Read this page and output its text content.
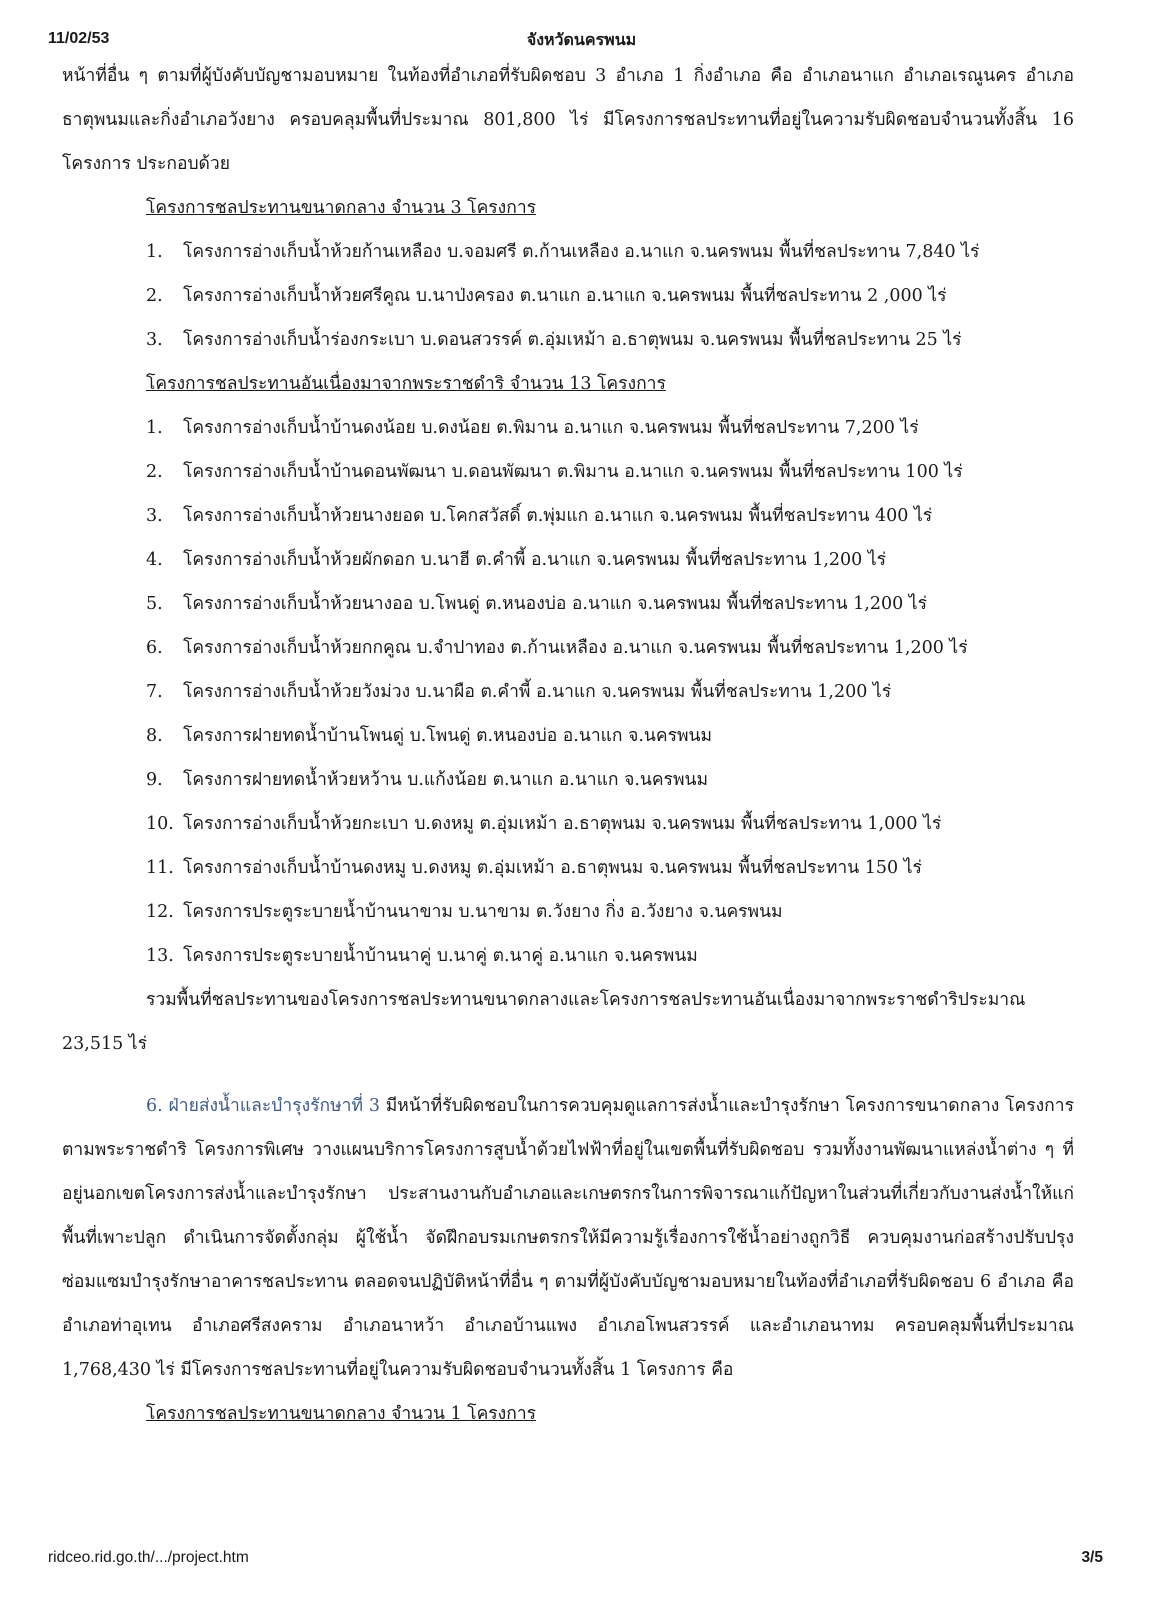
11/02/53	จังหวัดนครพนม

หน้าที่อื่น ๆ ตามที่ผู้บังคับบัญชามอบหมาย ในท้องที่อำเภอที่รับผิดชอบ 3 อำเภอ 1 กิ่งอำเภอ คือ อำเภอนาแก อำเภอเรณูนคร อำเภอธาตุพนมและกิ่งอำเภอวังยาง ครอบคลุมพื้นที่ประมาณ 801,800 ไร่ มีโครงการชลประทานที่อยู่ในความรับผิดชอบจำนวนทั้งสิ้น 16 โครงการ ประกอบด้วย

โครงการชลประทานขนาดกลาง จำนวน 3 โครงการ

1. โครงการอ่างเก็บน้ำห้วยก้านเหลือง บ.จอมศรี ต.ก้านเหลือง อ.นาแก จ.นครพนม พื้นที่ชลประทาน 7,840 ไร่
2. โครงการอ่างเก็บน้ำห้วยศรีคูณ บ.นาป่งครอง ต.นาแก อ.นาแก จ.นครพนม พื้นที่ชลประทาน 2 ,000 ไร่
3. โครงการอ่างเก็บน้ำร่องกระเบา บ.ดอนสวรรค์ ต.อุ่มเหม้า อ.ธาตุพนม จ.นครพนม พื้นที่ชลประทาน 25 ไร่

โครงการชลประทานอันเนื่องมาจากพระราชดำริ จำนวน 13 โครงการ

1. โครงการอ่างเก็บน้ำบ้านดงน้อย บ.ดงน้อย ต.พิมาน อ.นาแก จ.นครพนม พื้นที่ชลประทาน 7,200 ไร่
2. โครงการอ่างเก็บน้ำบ้านดอนพัฒนา บ.ดอนพัฒนา ต.พิมาน อ.นาแก จ.นครพนม พื้นที่ชลประทาน 100 ไร่
3. โครงการอ่างเก็บน้ำห้วยนางยอด บ.โคกสวัสดิ์ ต.พุ่มแก อ.นาแก จ.นครพนม พื้นที่ชลประทาน 400 ไร่
4. โครงการอ่างเก็บน้ำห้วยผักดอก บ.นาฮี ต.คำพี้ อ.นาแก จ.นครพนม พื้นที่ชลประทาน 1,200 ไร่
5. โครงการอ่างเก็บน้ำห้วยนางออ บ.โพนดู่ ต.หนองบ่อ อ.นาแก จ.นครพนม พื้นที่ชลประทาน 1,200 ไร่
6. โครงการอ่างเก็บน้ำห้วยกกคูณ บ.จำปาทอง ต.ก้านเหลือง อ.นาแก จ.นครพนม พื้นที่ชลประทาน 1,200 ไร่
7. โครงการอ่างเก็บน้ำห้วยวังม่วง บ.นาผือ ต.คำพี้ อ.นาแก จ.นครพนม พื้นที่ชลประทาน 1,200 ไร่
8. โครงการฝายทดน้ำบ้านโพนดู่ บ.โพนดู่ ต.หนองบ่อ อ.นาแก จ.นครพนม
9. โครงการฝายทดน้ำห้วยหว้าน บ.แก้งน้อย ต.นาแก อ.นาแก จ.นครพนม
10. โครงการอ่างเก็บน้ำห้วยกะเบา บ.ดงหมู ต.อุ่มเหม้า อ.ธาตุพนม จ.นครพนม พื้นที่ชลประทาน 1,000 ไร่
11. โครงการอ่างเก็บน้ำบ้านดงหมู บ.ดงหมู ต.อุ่มเหม้า อ.ธาตุพนม จ.นครพนม พื้นที่ชลประทาน 150 ไร่
12. โครงการประตูระบายน้ำบ้านนาขาม บ.นาขาม ต.วังยาง กิ่ง อ.วังยาง จ.นครพนม
13. โครงการประตูระบายน้ำบ้านนาคู่ บ.นาคู่ ต.นาคู่ อ.นาแก จ.นครพนม

รวมพื้นที่ชลประทานของโครงการชลประทานขนาดกลางและโครงการชลประทานอันเนื่องมาจากพระราชดำริประมาณ 23,515 ไร่

6. ฝ่ายส่งน้ำและบำรุงรักษาที่ 3 มีหน้าที่รับผิดชอบในการควบคุมดูแลการส่งน้ำและบำรุงรักษา โครงการขนาดกลาง โครงการตามพระราชดำริ โครงการพิเศษ วางแผนบริการโครงการสูบน้ำด้วยไฟฟ้าที่อยู่ในเขตพื้นที่รับผิดชอบ รวมทั้งงานพัฒนาแหล่งน้ำต่าง ๆ ที่อยู่นอกเขตโครงการส่งน้ำและบำรุงรักษา ประสานงานกับอำเภอและเกษตรกรในการพิจารณาแก้ปัญหาในส่วนที่เกี่ยวกับงานส่งน้ำให้แก่พื้นที่เพาะปลูก ดำเนินการจัดตั้งกลุ่ม ผู้ใช้น้ำ จัดฝึกอบรมเกษตรกรให้มีความรู้เรื่องการใช้น้ำอย่างถูกวิธี ควบคุมงานก่อสร้างปรับปรุงซ่อมแซมบำรุงรักษาอาคารชลประทาน ตลอดจนปฏิบัติหน้าที่อื่น ๆ ตามที่ผู้บังคับบัญชามอบหมายในท้องที่อำเภอที่รับผิดชอบ 6 อำเภอ คือ อำเภอท่าอุเทน อำเภอศรีสงคราม อำเภอนาหว้า อำเภอบ้านแพง อำเภอโพนสวรรค์ และอำเภอนาทม ครอบคลุมพื้นที่ประมาณ 1,768,430 ไร่ มีโครงการชลประทานที่อยู่ในความรับผิดชอบจำนวนทั้งสิ้น 1 โครงการ คือ

โครงการชลประทานขนาดกลาง จำนวน 1 โครงการ

ridceo.rid.go.th/.../project.htm	3/5
